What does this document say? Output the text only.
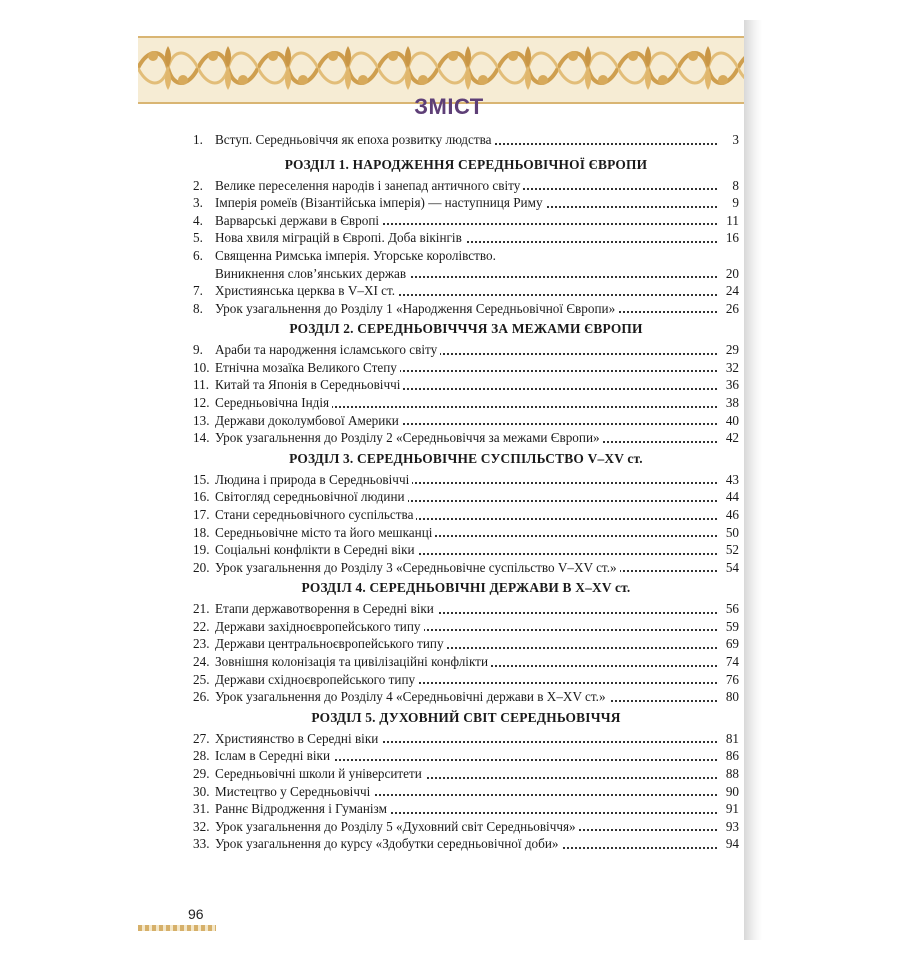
ЗМІСТ
1. Вступ. Середньовіччя як епоха розвитку людства	3
РОЗДІЛ 1. НАРОДЖЕННЯ СЕРЕДНЬОВІЧНОЇ ЄВРОПИ
2. Велике переселення народів і занепад античного світу	8
3. Імперія ромеїв (Візантійська імперія) — наступниця Риму	9
4. Варварські держави в Європі	11
5. Нова хвиля міграцій в Європі. Доба вікінгів	16
6. Священна Римська імперія. Угорське королівство.
Виникнення слов’янських держав	20
7. Християнська церква в V–XI ст.	24
8. Урок узагальнення до Розділу 1 «Народження Середньовічної Європи»	26
РОЗДІЛ 2. СЕРЕДНЬОВІЧЧЧЯ ЗА МЕЖАМИ ЄВРОПИ
9. Араби та народження ісламського світу	29
10. Етнічна мозаїка Великого Степу	32
11. Китай та Японія в Середньовіччі	36
12. Середньовічна Індія	38
13. Держави доколумбової Америки	40
14. Урок узагальнення до Розділу 2 «Середньовіччя за межами Європи»	42
РОЗДІЛ 3. СЕРЕДНЬОВІЧНЕ СУСПІЛЬСТВО V–XV ст.
15. Людина і природа в Середньовіччі	43
16. Світогляд середньовічної людини	44
17. Стани середньовічного суспільства	46
18. Середньовічне місто та його мешканці	50
19. Соціальні конфлікти в Середні віки	52
20. Урок узагальнення до Розділу 3 «Середньовічне суспільство V–XV ст.»	54
РОЗДІЛ 4. СЕРЕДНЬОВІЧНІ ДЕРЖАВИ В X–XV ст.
21. Етапи державотворення в Середні віки	56
22. Держави західноєвропейського типу	59
23. Держави центральноєвропейського типу	69
24. Зовнішня колонізація та цивілізаційні конфлікти	74
25. Держави східноєвропейського типу	76
26. Урок узагальнення до Розділу 4 «Середньовічні держави в X–XV ст.»	80
РОЗДІЛ 5. ДУХОВНИЙ СВІТ СЕРЕДНЬОВІЧЧЯ
27. Християнство в Середні віки	81
28. Іслам в Середні віки	86
29. Середньовічні школи й університети	88
30. Мистецтво у Середньовіччі	90
31. Раннє Відродження і Гуманізм	91
32. Урок узагальнення до Розділу 5 «Духовний світ Середньовіччя»	93
33. Урок узагальнення до курсу «Здобутки середньовічної доби»	94
96
